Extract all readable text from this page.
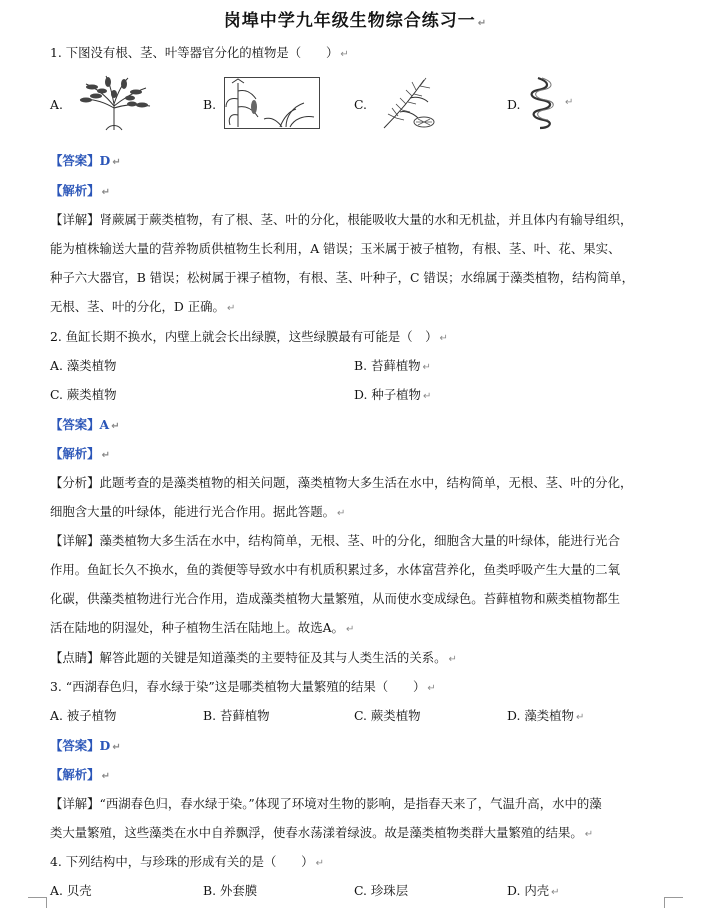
岗埠中学九年级生物综合练习一 ↵
1. 下图没有根、茎、叶等器官分化的植物是（　　） ↵
A.	B.	C.	D.	↵
【答案】D ↵
【解析】 ↵
【详解】肾蕨属于蕨类植物，有了根、茎、叶的分化，根能吸收大量的水和无机盐，并且体内有输导组织，
能为植株输送大量的营养物质供植物生长利用，A 错误；玉米属于被子植物，有根、茎、叶、花、果实、
种子六大器官，B 错误；松树属于裸子植物，有根、茎、叶种子，C 错误；水绵属于藻类植物，结构简单，
无根、茎、叶的分化，D 正确。 ↵
2. 鱼缸长期不换水，内壁上就会长出绿膜，这些绿膜最有可能是（　） ↵
A. 藻类植物	B. 苔藓植物 ↵
C. 蕨类植物	D. 种子植物 ↵
【答案】A ↵
【解析】 ↵
【分析】此题考查的是藻类植物的相关问题，藻类植物大多生活在水中，结构简单，无根、茎、叶的分化，
细胞含大量的叶绿体，能进行光合作用。据此答题。 ↵
【详解】藻类植物大多生活在水中，结构简单，无根、茎、叶的分化，细胞含大量的叶绿体，能进行光合
作用。鱼缸长久不换水，鱼的粪便等导致水中有机质积累过多，水体富营养化，鱼类呼吸产生大量的二氧
化碳，供藻类植物进行光合作用，造成藻类植物大量繁殖，从而使水变成绿色。苔藓植物和蕨类植物都生
活在陆地的阴湿处，种子植物生活在陆地上。故选A。 ↵
【点睛】解答此题的关键是知道藻类的主要特征及其与人类生活的关系。 ↵
3. “西湖春色归，春水绿于染”这是哪类植物大量繁殖的结果（　　） ↵
A. 被子植物	B. 苔藓植物	C. 蕨类植物	D. 藻类植物 ↵
【答案】D ↵
【解析】 ↵
【详解】“西湖春色归，春水绿于染。”体现了环境对生物的影响，是指春天来了，气温升高，水中的藻
类大量繁殖，这些藻类在水中自养飘浮，使春水荡漾着绿波。故是藻类植物类群大量繁殖的结果。 ↵
4. 下列结构中，与珍珠的形成有关的是（　　） ↵
A. 贝壳	B. 外套膜	C. 珍珠层	D. 内壳 ↵
